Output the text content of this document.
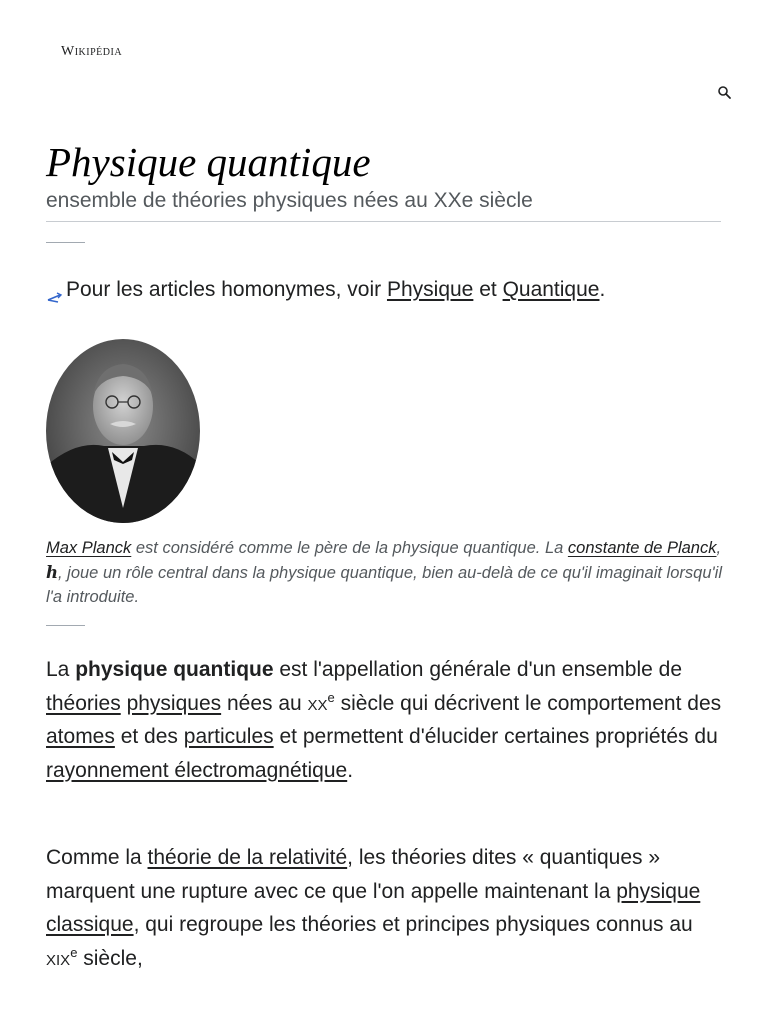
Wikipédia
Physique quantique
ensemble de théories physiques nées au XXe siècle
Pour les articles homonymes, voir Physique et Quantique.
Max Planck est considéré comme le père de la physique quantique. La constante de Planck, h, joue un rôle central dans la physique quantique, bien au-delà de ce qu'il imaginait lorsqu'il l'a introduite.

La physique quantique est l'appellation générale d'un ensemble de théories physiques nées au $xx^e$ siècle qui décrivent le comportement des atomes et des particules et permettent d'élucider certaines propriétés du rayonnement électromagnétique.

Comme la théorie de la relativité, les théories dites « quantiques » marquent une rupture avec ce que l'on appelle maintenant la physique classique, qui regroupe les théories et principes physiques connus au xix$^e$ siècle,
